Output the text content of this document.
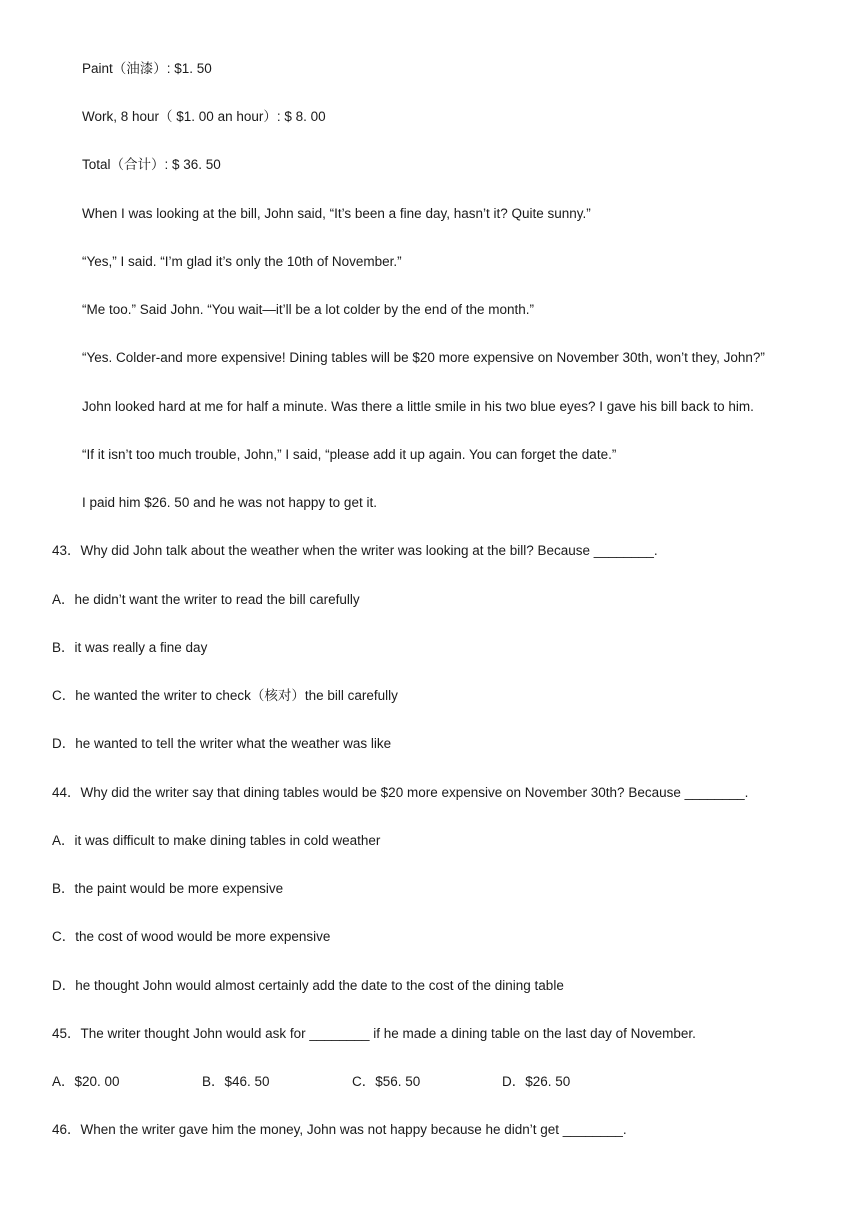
Paint（油漆）: $1. 50
Work, 8 hour（ $1. 00 an hour）: $ 8. 00
Total（合计）: $ 36. 50
When I was looking at the bill, John said, “It’s been a fine day, hasn’t it? Quite sunny.”
“Yes,” I said. “I’m glad it’s only the 10th of November.”
“Me too.” Said John. “You wait—it’ll be a lot colder by the end of the month.”
“Yes. Colder-and more expensive! Dining tables will be $20 more expensive on November 30th, won’t they, John?”
John looked hard at me for half a minute. Was there a little smile in his two blue eyes? I gave his bill back to him.
“If it isn’t too much trouble, John,” I said, “please add it up again. You can forget the date.”
I paid him $26. 50 and he was not happy to get it.
43．Why did John talk about the weather when the writer was looking at the bill? Because ________.
A．he didn’t want the writer to read the bill carefully
B．it was really a fine day
C．he wanted the writer to check（核对）the bill carefully
D．he wanted to tell the writer what the weather was like
44．Why did the writer say that dining tables would be $20 more expensive on November 30th? Because ________.
A．it was difficult to make dining tables in cold weather
B．the paint would be more expensive
C．the cost of wood would be more expensive
D．he thought John would almost certainly add the date to the cost of the dining table
45．The writer thought John would ask for ________ if he made a dining table on the last day of November.
A．$20. 00	B．$46. 50	C．$56. 50	D．$26. 50
46．When the writer gave him the money, John was not happy because he didn’t get ________.
